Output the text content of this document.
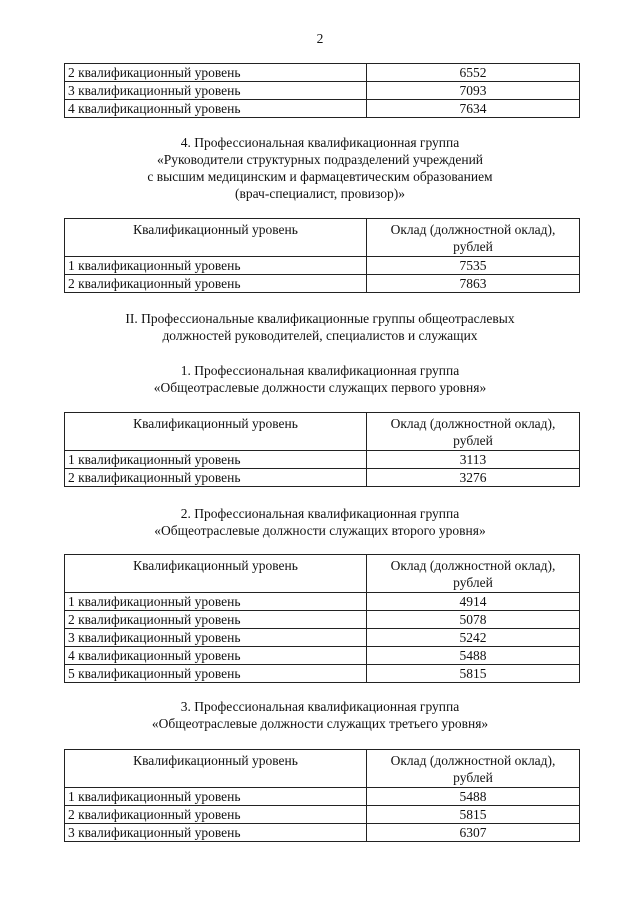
2
2 квалификационный уровень	6552
3 квалификационный уровень	7093
4 квалификационный уровень	7634
4. Профессиональная квалификационная группа
«Руководители структурных подразделений учреждений
с высшим медицинским и фармацевтическим образованием
(врач-специалист, провизор)»
Квалификационный уровень	Оклад (должностной оклад),
рублей

1 квалификационный уровень	7535
2 квалификационный уровень	7863
II. Профессиональные квалификационные группы общеотраслевых
должностей руководителей, специалистов и служащих
1. Профессиональная квалификационная группа
«Общеотраслевые должности служащих первого уровня»
Квалификационный уровень	Оклад (должностной оклад),
рублей

1 квалификационный уровень	3113
2 квалификационный уровень	3276
2. Профессиональная квалификационная группа
«Общеотраслевые должности служащих второго уровня»
Квалификационный уровень	Оклад (должностной оклад),
рублей

1 квалификационный уровень	4914
2 квалификационный уровень	5078
3 квалификационный уровень	5242
4 квалификационный уровень	5488
5 квалификационный уровень	5815
3. Профессиональная квалификационная группа
«Общеотраслевые должности служащих третьего уровня»
Квалификационный уровень	Оклад (должностной оклад),
рублей

1 квалификационный уровень	5488
2 квалификационный уровень	5815
3 квалификационный уровень	6307
